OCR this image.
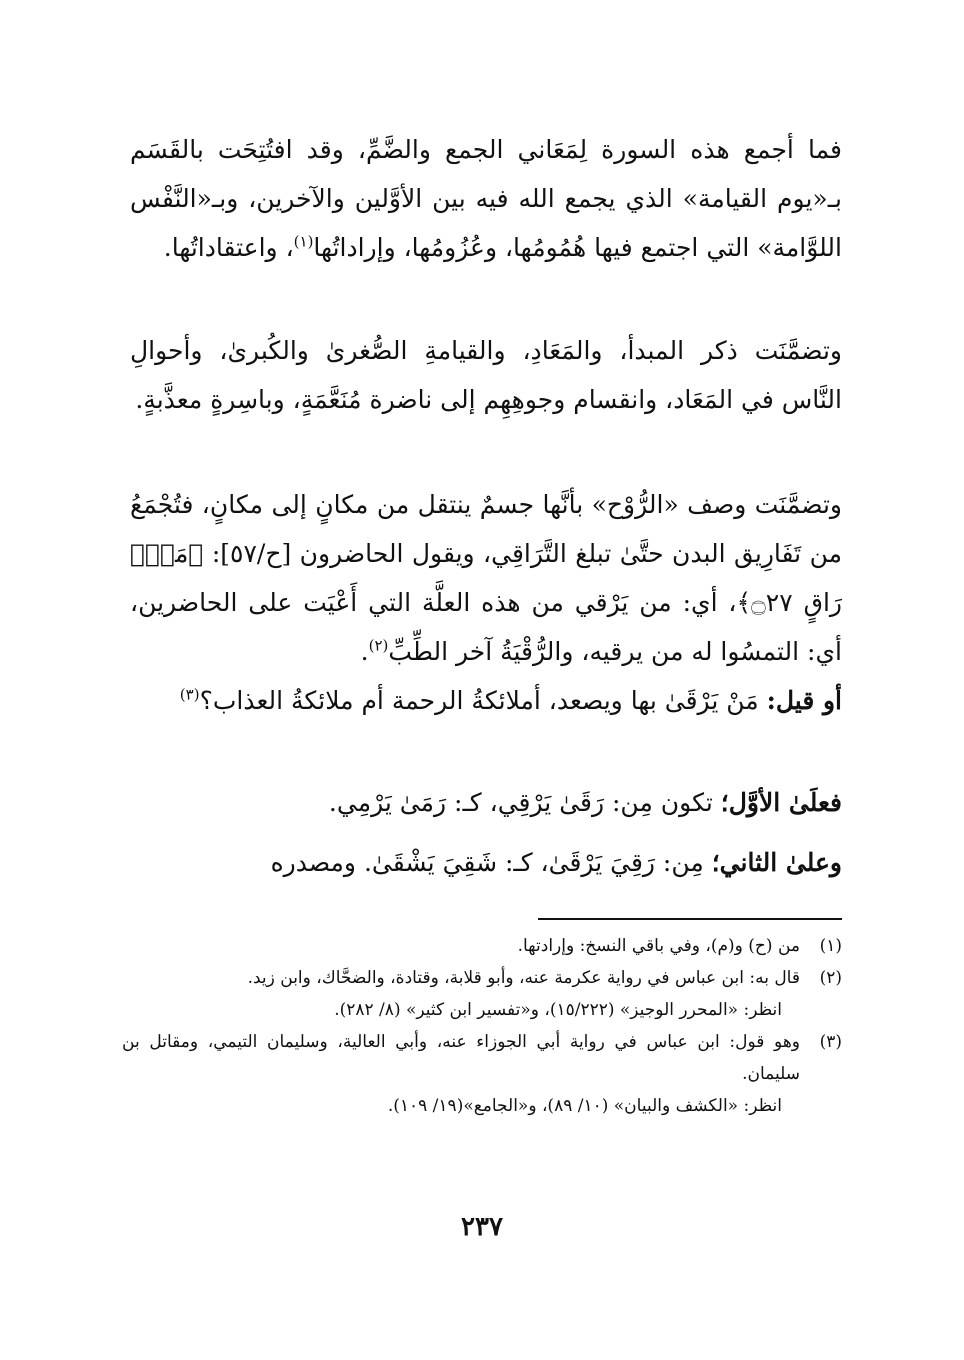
فما أجمع هذه السورة لِمَعَاني الجمع والضَّمِّ، وقد افتُتِحَت بالقَسَم بـ«يوم القيامة» الذي يجمع الله فيه بين الأوَّلين والآخرين، وبـ«النَّفْس اللوَّامة» التي اجتمع فيها هُمُومُها، وعُزُومُها، وإراداتُها$^{(١)}$، واعتقاداتُها.

وتضمَّنَت ذكر المبدأ، والمَعَادِ، والقيامةِ الصُّغرىٰ والكُبرىٰ، وأحوالِ النَّاس في المَعَاد، وانقسام وجوهِهِم إلى ناضرة مُنَعَّمَةٍ، وباسِرةٍ معذَّبةٍ.

وتضمَّنَت وصف «الرُّوْح» بأنَّها جسمٌ ينتقل من مكانٍ إلى مكانٍ، فتُجْمَعُ من تَفَارِيق البدن حتَّىٰ تبلغ التَّرَاقِي، ويقول الحاضرون [ح/٥٧]: ﴿مَنْۜ رَاقٍ ۝٢٧﴾، أي: من يَرْقي من هذه العلَّة التي أَعْيَت على الحاضرين، أي: التمسُوا له من يرقيه، والرُّقْيَةُ آخر الطِّبِّ$^{(٢)}$.

أو قيل: مَنْ يَرْقَىٰ بها ويصعد، أملائكةُ الرحمة أم ملائكةُ العذاب؟$^{(٣)}$

فعلَىٰ الأوَّل؛ تكون مِن: رَقَىٰ يَرْقِي، كـ: رَمَىٰ يَرْمِي.
وعلىٰ الثاني؛ مِن: رَقِيَ يَرْقَىٰ، كـ: شَقِيَ يَشْقَىٰ. ومصدره
(١)
من (ح) و(م)، وفي باقي النسخ: وإرادتها.
(٢)
قال به: ابن عباس في رواية عكرمة عنه، وأبو قلابة، وقتادة، والضحَّاك، وابن زيد.

انظر: «المحرر الوجيز» (١٥/٢٢٢)، و«تفسير ابن كثير» (٨/ ٢٨٢).

(٣)
وهو قول: ابن عباس في رواية أبي الجوزاء عنه، وأبي العالية، وسليمان التيمي، ومقاتل بن سليمان.

انظر: «الكشف والبيان» (١٠/ ٨٩)، و«الجامع»(١٩/ ١٠٩).

٢٣٧
